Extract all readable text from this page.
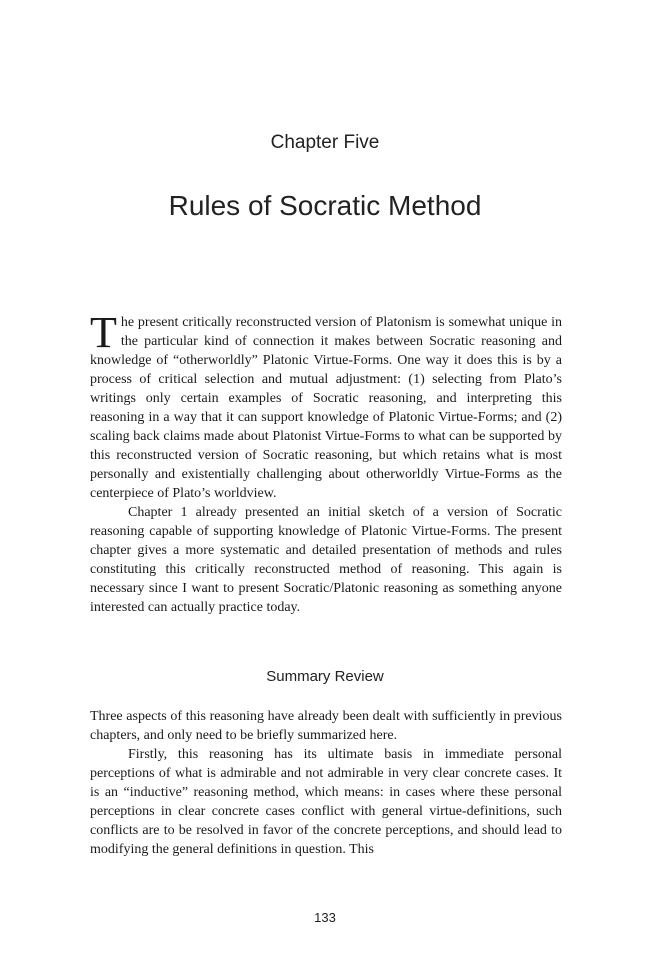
Chapter Five
Rules of Socratic Method

The present critically reconstructed version of Platonism is somewhat unique in the particular kind of connection it makes between Socratic reasoning and knowledge of “otherworldly” Platonic Virtue-Forms. One way it does this is by a process of critical selection and mutual adjustment: (1) selecting from Plato’s writings only certain examples of Socratic reasoning, and interpreting this reasoning in a way that it can support knowledge of Platonic Virtue-Forms; and (2) scaling back claims made about Platonist Virtue-Forms to what can be supported by this reconstructed version of Socratic reasoning, but which retains what is most personally and existentially challenging about otherworldly Virtue-Forms as the centerpiece of Plato’s worldview.

Chapter 1 already presented an initial sketch of a version of Socratic reasoning capable of supporting knowledge of Platonic Virtue-Forms. The present chapter gives a more systematic and detailed presentation of methods and rules constituting this critically reconstructed method of reasoning. This again is necessary since I want to present Socratic/Platonic reasoning as something anyone interested can actually practice today.

Summary Review

Three aspects of this reasoning have already been dealt with sufficiently in previous chapters, and only need to be briefly summarized here.

Firstly, this reasoning has its ultimate basis in immediate personal perceptions of what is admirable and not admirable in very clear concrete cases. It is an “inductive” reasoning method, which means: in cases where these personal perceptions in clear concrete cases conflict with general virtue-definitions, such conflicts are to be resolved in favor of the concrete perceptions, and should lead to modifying the general definitions in question. This

133
